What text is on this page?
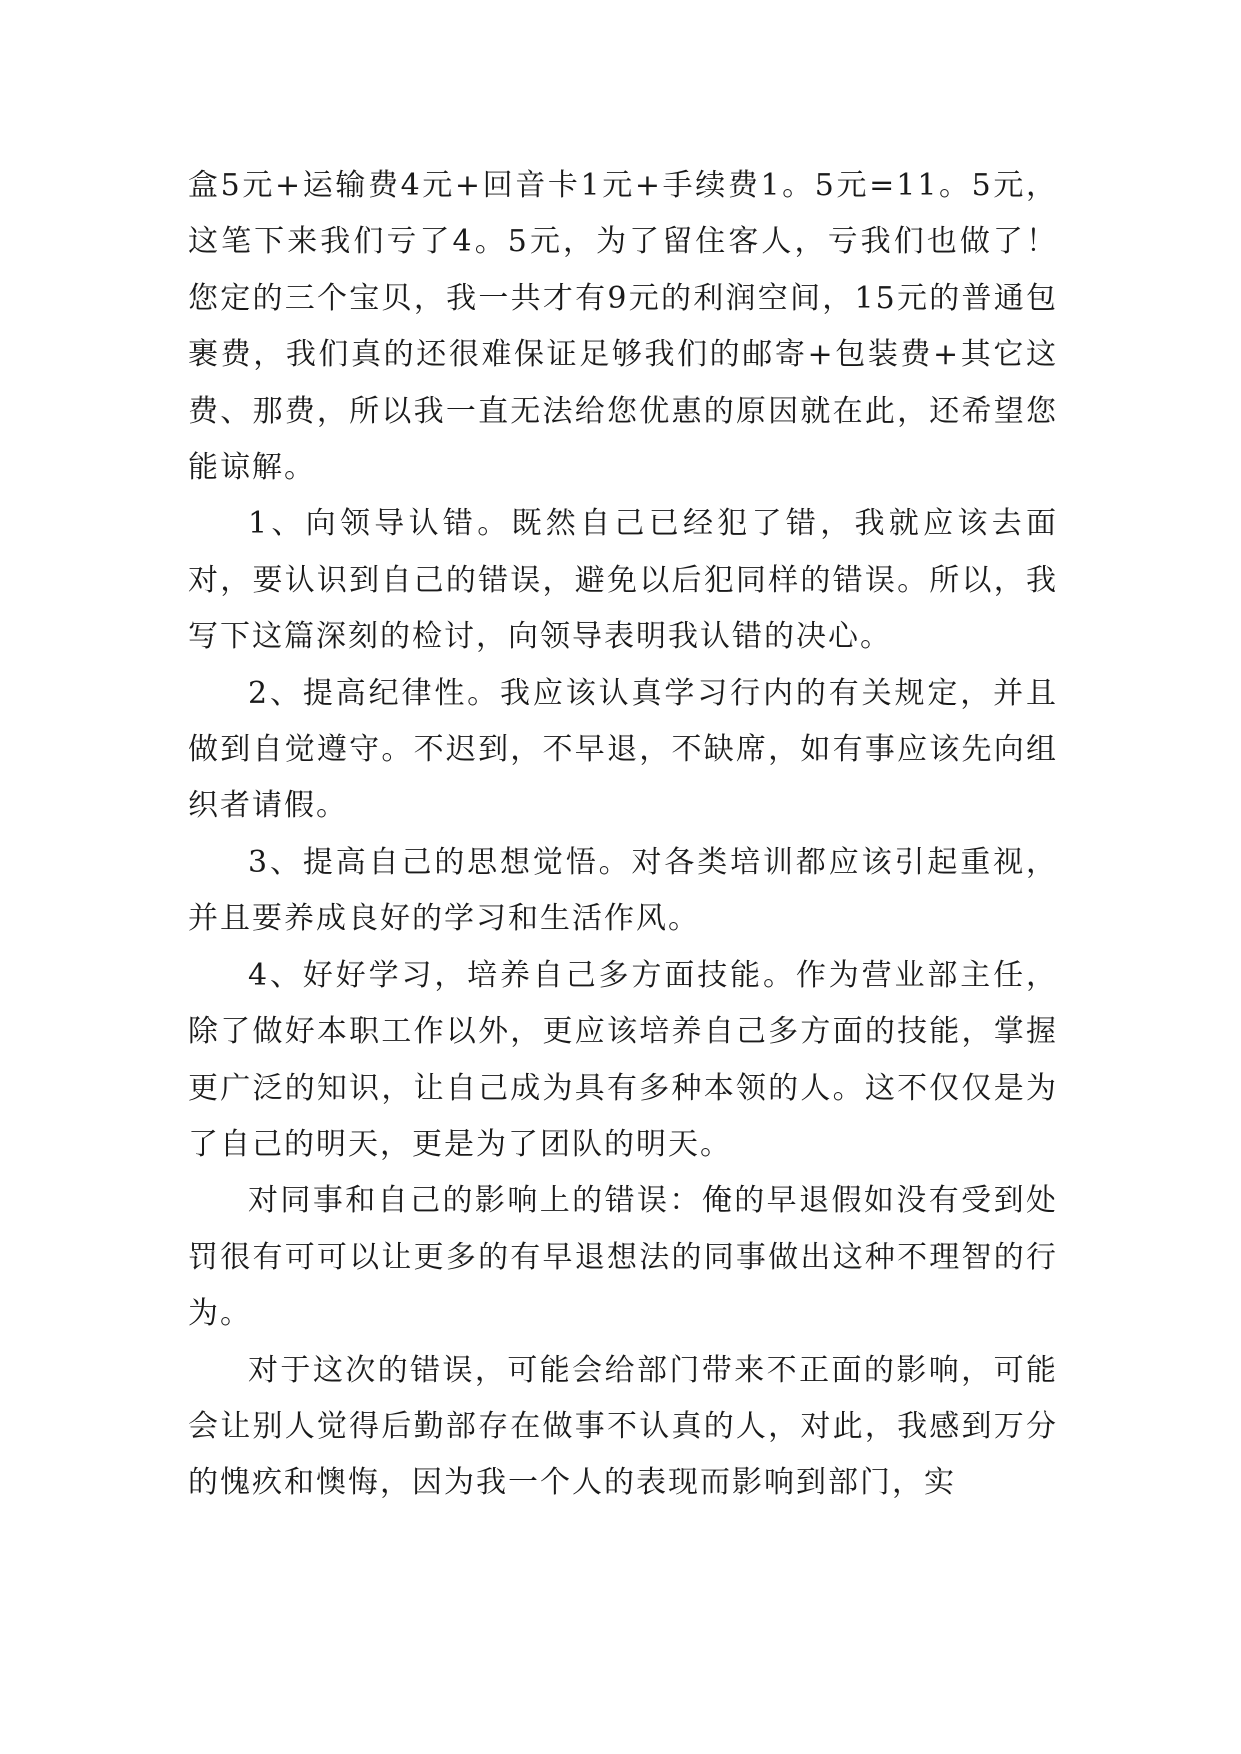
盒5元+运输费4元+回音卡1元+手续费1。5元=11。5元，这笔下来我们亏了4。5元，为了留住客人，亏我们也做了！您定的三个宝贝，我一共才有9元的利润空间，15元的普通包裹费，我们真的还很难保证足够我们的邮寄+包装费+其它这费、那费，所以我一直无法给您优惠的原因就在此，还希望您能谅解。

1、向领导认错。既然自己已经犯了错，我就应该去面对，要认识到自己的错误，避免以后犯同样的错误。所以，我写下这篇深刻的检讨，向领导表明我认错的决心。

2、提高纪律性。我应该认真学习行内的有关规定，并且做到自觉遵守。不迟到，不早退，不缺席，如有事应该先向组织者请假。

3、提高自己的思想觉悟。对各类培训都应该引起重视，并且要养成良好的学习和生活作风。

4、好好学习，培养自己多方面技能。作为营业部主任，除了做好本职工作以外，更应该培养自己多方面的技能，掌握更广泛的知识，让自己成为具有多种本领的人。这不仅仅是为了自己的明天，更是为了团队的明天。

对同事和自己的影响上的错误：俺的早退假如没有受到处罚很有可可以让更多的有早退想法的同事做出这种不理智的行为。

对于这次的错误，可能会给部门带来不正面的影响，可能会让别人觉得后勤部存在做事不认真的人，对此，我感到万分的愧疚和懊悔，因为我一个人的表现而影响到部门，实
